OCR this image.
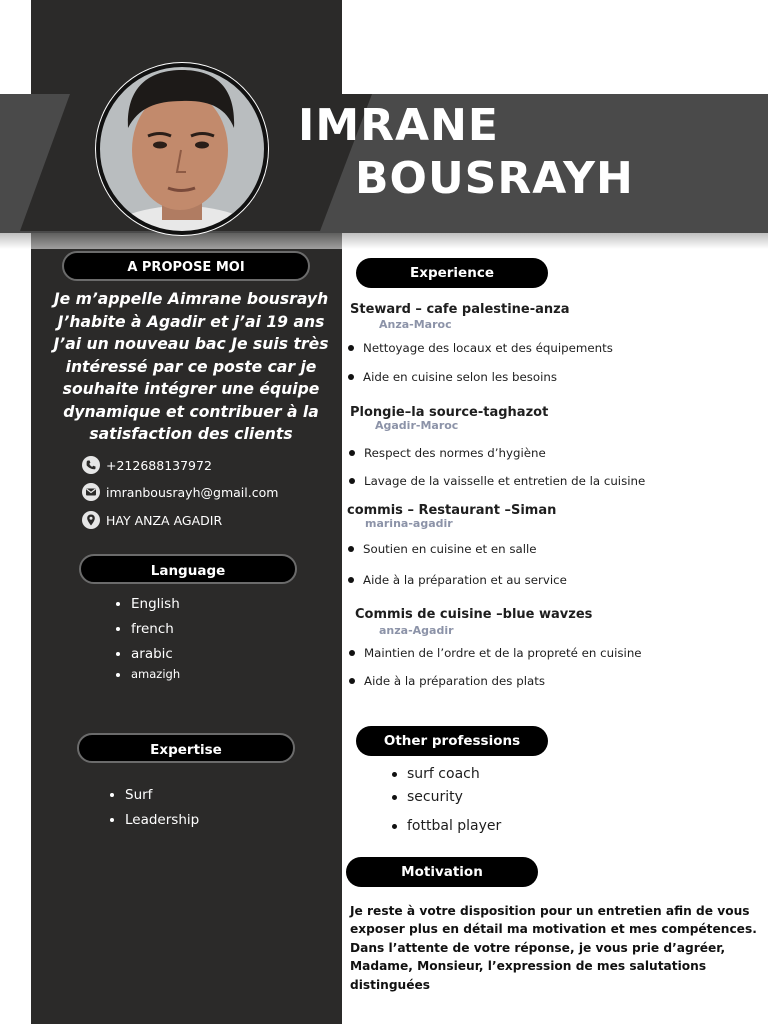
IMRANE
BOUSRAYH
A PROPOSE MOI
Je m’appelle Aimrane bousrayh J’habite à Agadir et j’ai 19 ans J’ai un nouveau bac Je suis très intéressé par ce poste car je souhaite intégrer une équipe dynamique et contribuer à la satisfaction des clients
+212688137972
imranbousrayh@gmail.com
HAY ANZA AGADIR
Language
English
french
arabic
amazigh
Expertise
Surf
Leadership
Experience
Steward – cafe palestine-anza
Anza-Maroc
Nettoyage des locaux et des équipements
Aide en cuisine selon les besoins
Plongie–la source-taghazot
Agadir-Maroc
Respect des normes d’hygiène
Lavage de la vaisselle et entretien de la cuisine
commis – Restaurant –Siman
marina-agadir
Soutien en cuisine et en salle
Aide à la préparation et au service
Commis de cuisine –blue wavzes
anza-Agadir
Maintien de l’ordre et de la propreté en cuisine
Aide à la préparation des plats
Other professions
surf coach
security
fottbal player
Motivation
Je reste à votre disposition pour un entretien afin de vous exposer plus en détail ma motivation et mes compétences. Dans l’attente de votre réponse, je vous prie d’agréer, Madame, Monsieur, l’expression de mes salutations distinguées
